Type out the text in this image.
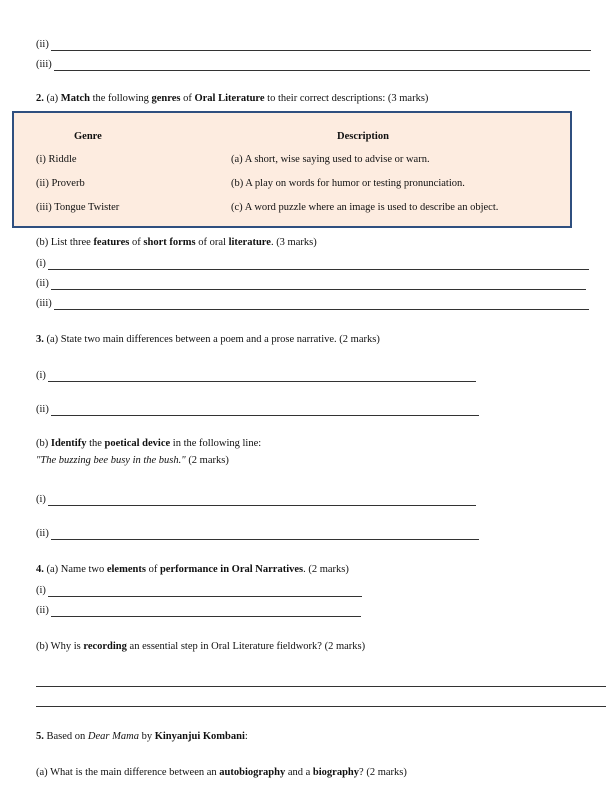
(ii)
(iii)
2. (a) Match the following genres of Oral Literature to their correct descriptions: (3 marks)
Genre	Description
(i) Riddle	(a) A short, wise saying used to advise or warn.
(ii) Proverb	(b) A play on words for humor or testing pronunciation.
(iii) Tongue Twister	(c) A word puzzle where an image is used to describe an object.
(b) List three features of short forms of oral literature. (3 marks)
(i)
(ii)
(iii)
3. (a) State two main differences between a poem and a prose narrative. (2 marks)
(i)
(ii)
(b) Identify the poetical device in the following line:
"The buzzing bee busy in the bush." (2 marks)
(i)
(ii)
4. (a) Name two elements of performance in Oral Narratives. (2 marks)
(i)
(ii)
(b) Why is recording an essential step in Oral Literature fieldwork? (2 marks)
5. Based on Dear Mama by Kinyanjui Kombani:
(a) What is the main difference between an autobiography and a biography? (2 marks)
